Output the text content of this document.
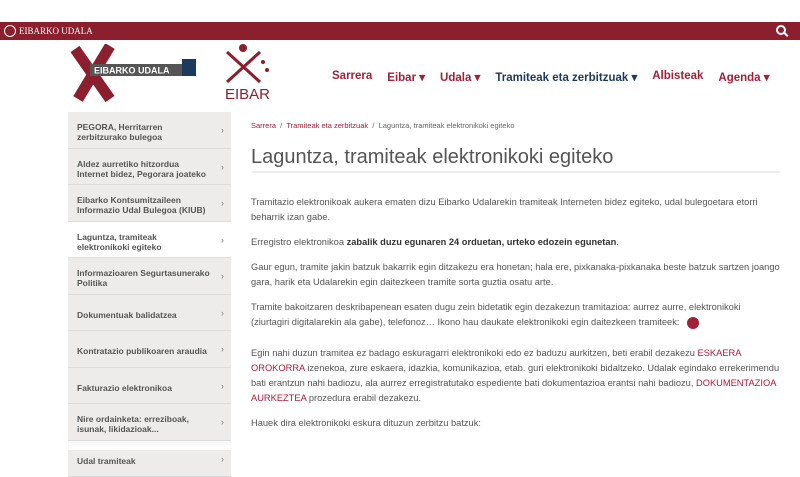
EIBARKO UDALA
EIBARKO UDALA
EIBAR
Sarrera Eibar ▾ Udala ▾ Tramiteak eta zerbitzuak ▾ Albisteak Agenda ▾
PEGORA, Herritarren zerbitzurako bulegoa
›
Aldez aurretiko hitzordua Internet bidez, Pegorara joateko
›
Eibarko Kontsumitzaileen Informazio Udal Bulegoa (KIUB)
›
Laguntza, tramiteak elektronikoki egiteko
›
Informazioaren Segurtasunerako Politika
›
Dokumentuak balidatzea	›
Kontratazio publikoaren araudia ›
Fakturazio elektronikoa	›
Nire ordainketa: erreziboak, isunak, likidazioak...
›
Udal tramiteak	›
Sarrera  /  Tramiteak eta zerbitzuak  /  Laguntza, tramiteak elektronikoki egiteko
Laguntza, tramiteak elektronikoki egiteko

Tramitazio elektronikoak aukera ematen dizu Eibarko Udalarekin tramiteak Interneten bidez egiteko, udal bulegoetara etorri beharrik izan gabe.

Erregistro elektronikoa zabalik duzu egunaren 24 orduetan, urteko edozein egunetan.

Gaur egun, tramite jakin batzuk bakarrik egin ditzakezu era honetan; hala ere, pixkanaka-pixkanaka beste batzuk sartzen joango gara, harik eta Udalarekin egin daitezkeen tramite sorta guztia osatu arte.

Tramite bakoitzaren deskribapenean esaten dugu zein bidetatik egin dezakezun tramitazioa: aurrez aurre, elektronikoki (ziurtagiri digitalarekin ala gabe), telefonoz… Ikono hau daukate elektronikoki egin daitezkeen tramiteek:

Egin nahi duzun tramitea ez badago eskuragarri elektronikoki edo ez baduzu aurkitzen, beti erabil dezakezu ESKAERA OROKORRA izenekoa, zure eskaera, idazkia, komunikazioa, etab. guri elektronikoki bidaltzeko. Udalak egindako errekerimendu bati erantzun nahi badiozu, ala aurrez erregistratutako espediente bati dokumentazioa erantsi nahi badiozu, DOKUMENTAZIOA AURKEZTEA prozedura erabil dezakezu.

Hauek dira elektronikoki eskura dituzun zerbitzu batzuk:
